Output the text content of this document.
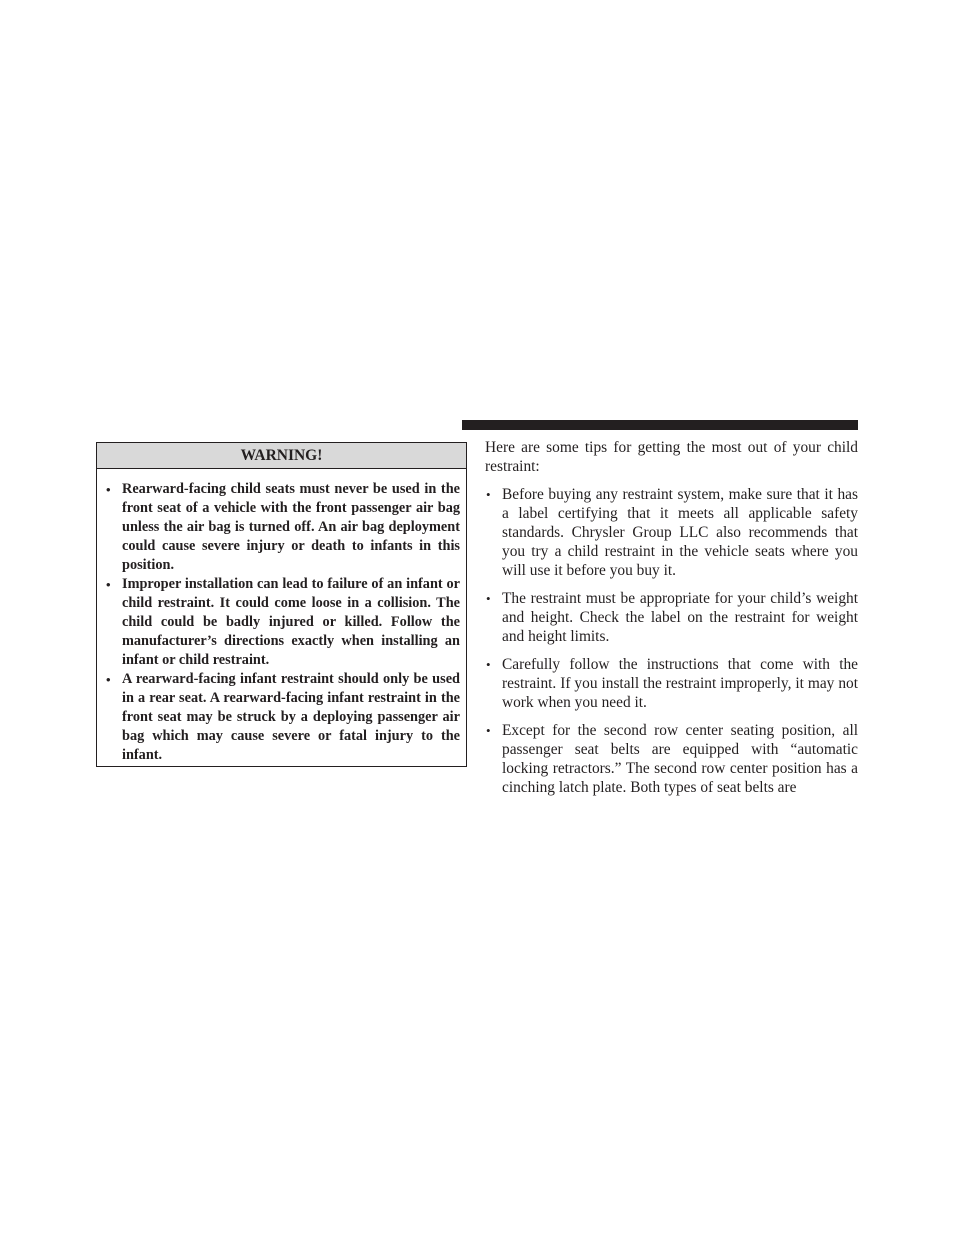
WARNING!
• Rearward-facing child seats must never be used in the front seat of a vehicle with the front passenger air bag unless the air bag is turned off. An air bag deployment could cause severe injury or death to infants in this position.
• Improper installation can lead to failure of an infant or child restraint. It could come loose in a collision. The child could be badly injured or killed. Follow the manufacturer’s directions exactly when installing an infant or child restraint.
• A rearward-facing infant restraint should only be used in a rear seat. A rearward-facing infant restraint in the front seat may be struck by a deploying passenger air bag which may cause severe or fatal injury to the infant.

Here are some tips for getting the most out of your child restraint:

• Before buying any restraint system, make sure that it has a label certifying that it meets all applicable safety standards. Chrysler Group LLC also recommends that you try a child restraint in the vehicle seats where you will use it before you buy it.
• The restraint must be appropriate for your child’s weight and height. Check the label on the restraint for weight and height limits.
• Carefully follow the instructions that come with the restraint. If you install the restraint improperly, it may not work when you need it.
• Except for the second row center seating position, all passenger seat belts are equipped with “automatic locking retractors.” The second row center position has a cinching latch plate. Both types of seat belts are
